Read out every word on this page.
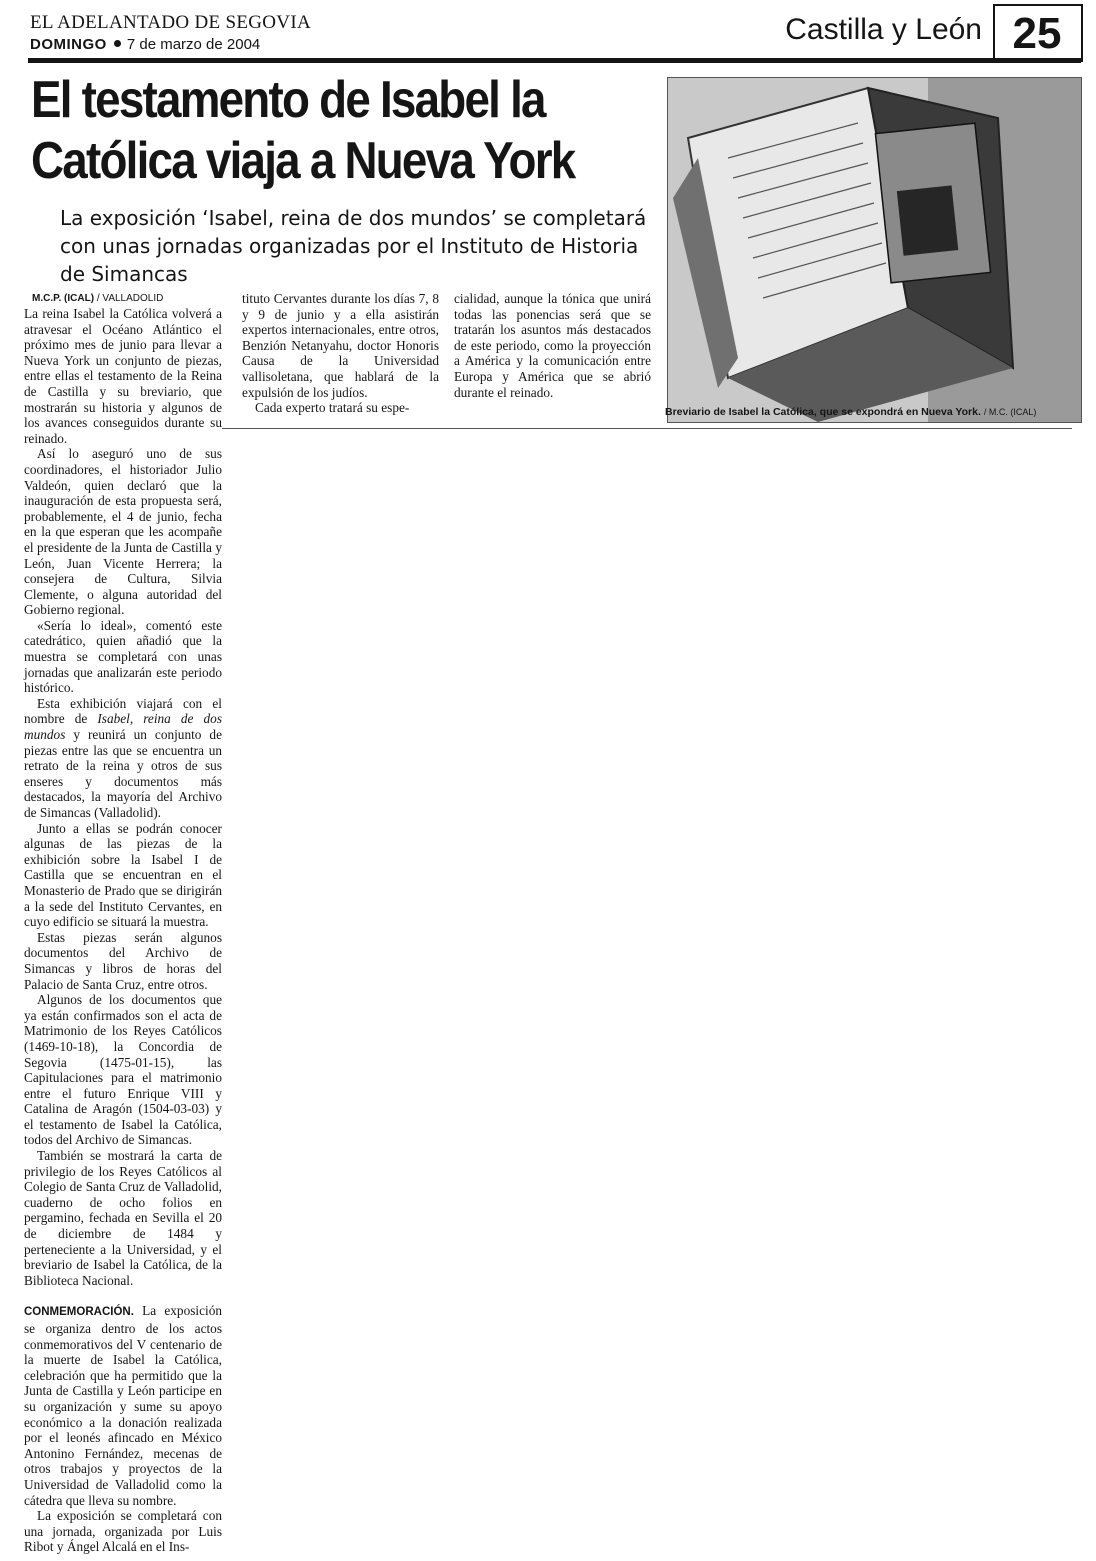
EL ADELANTADO DE SEGOVIA
DOMINGO 7 de marzo de 2004	Castilla y León 25
El testamento de Isabel la Católica viaja a Nueva York

La exposición ‘Isabel, reina de dos mundos’ se completará con unas jornadas organizadas por el Instituto de Historia de Simancas

Breviario de Isabel la Católica, que se expondrá en Nueva York. / M.C. (ICAL)
M.C.P. (ICAL) / VALLADOLID

La reina Isabel la Católica volverá a atravesar el Océano Atlántico el próximo mes de junio para llevar a Nueva York un conjunto de piezas, entre ellas el testamento de la Reina de Castilla y su breviario, que mostrarán su historia y algunos de los avances conseguidos durante su reinado.

Así lo aseguró uno de sus coordinadores, el historiador Julio Valdeón, quien declaró que la inauguración de esta propuesta será, probablemente, el 4 de junio, fecha en la que esperan que les acompañe el presidente de la Junta de Castilla y León, Juan Vicente Herrera; la consejera de Cultura, Silvia Clemente, o alguna autoridad del Gobierno regional.

«Sería lo ideal», comentó este catedrático, quien añadió que la muestra se completará con unas jornadas que analizarán este periodo histórico.

Esta exhibición viajará con el nombre de Isabel, reina de dos mundos y reunirá un conjunto de piezas entre las que se encuentra un retrato de la reina y otros de sus enseres y documentos más destacados, la mayoría del Archivo de Simancas (Valladolid).

Junto a ellas se podrán conocer algunas de las piezas de la exhibición sobre la Isabel I de Castilla que se encuentran en el Monasterio de Prado que se dirigirán a la sede del Instituto Cervantes, en cuyo edificio se situará la muestra.

Estas piezas serán algunos documentos del Archivo de Simancas y libros de horas del Palacio de Santa Cruz, entre otros.

Algunos de los documentos que ya están confirmados son el acta de Matrimonio de los Reyes Católicos (1469-10-18), la Concordia de Segovia (1475-01-15), las Capitulaciones para el matrimonio entre el futuro Enrique VIII y Catalina de Aragón (1504-03-03) y el testamento de Isabel la Católica, todos del Archivo de Simancas.

También se mostrará la carta de privilegio de los Reyes Católicos al Colegio de Santa Cruz de Valladolid, cuaderno de ocho folios en pergamino, fechada en Sevilla el 20 de diciembre de 1484 y perteneciente a la Universidad, y el breviario de Isabel la Católica, de la Biblioteca Nacional.

CONMEMORACIÓN. La exposición se organiza dentro de los actos conmemorativos del V centenario de la muerte de Isabel la Católica, celebración que ha permitido que la Junta de Castilla y León participe en su organización y sume su apoyo económico a la donación realizada por el leonés afincado en México Antonino Fernández, mecenas de otros trabajos y proyectos de la Universidad de Valladolid como la cátedra que lleva su nombre.

La exposición se completará con una jornada, organizada por Luis Ribot y Ángel Alcalá en el Ins-

tituto Cervantes durante los días 7, 8 y 9 de junio y a ella asistirán expertos internacionales, entre otros, Benzión Netanyahu, doctor Honoris Causa de la Universidad vallisoletana, que hablará de la expulsión de los judíos.

Cada experto tratará su espe-

cialidad, aunque la tónica que unirá todas las ponencias será que se tratarán los asuntos más destacados de este periodo, como la proyección a América y la comunicación entre Europa y América que se abrió durante el reinado.
